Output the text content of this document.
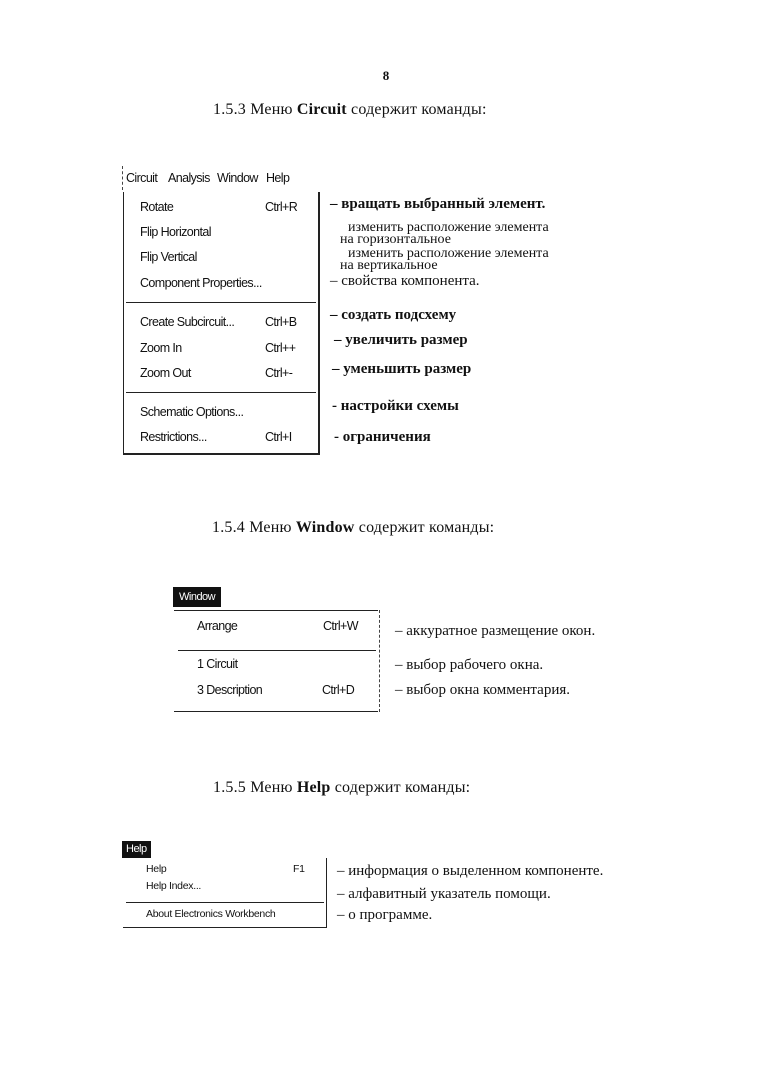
8
1.5.3 Меню Circuit содержит команды:
Circuit Analysis Window Help
Rotate	Ctrl+R
Flip Horizontal
Flip Vertical
Component Properties...
Create Subcircuit... Ctrl+B
Zoom In	Ctrl++
Zoom Out	Ctrl+-
Schematic Options...
Restrictions...	Ctrl+I
– вращать выбранный элемент.
изменить расположение элемента
на горизонтальное
изменить расположение элемента
на вертикальное
– свойства компонента.
– создать подсхему
– увеличить размер
– уменьшить размер
- настройки схемы
- ограничения
1.5.4 Меню Window содержит команды:
Window
Arrange	Ctrl+W
1 Circuit
3 Description	Ctrl+D
– аккуратное размещение окон.
– выбор рабочего окна.
– выбор окна комментария.
1.5.5 Меню Help содержит команды:
Help
Help	F1
Help Index...
About Electronics Workbench
– информация о выделенном компоненте.
– алфавитный указатель помощи.
– о программе.
